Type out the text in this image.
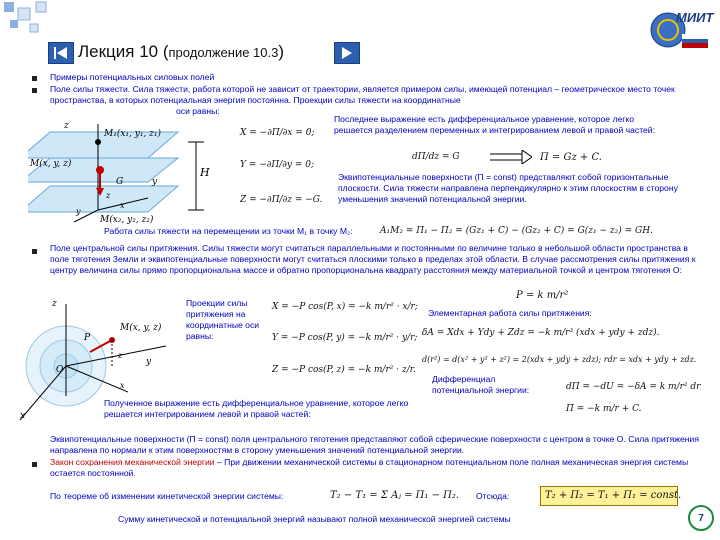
Лекция 10 (продолжение 10.3)
МИИТ
Примеры потенциальных силовых полей
Поле силы тяжести. Сила тяжести, работа которой не зависит от траектории, является примером силы, имеющей потенциал – геометрическое место точек пространства, в которых потенциальная энергия постоянна. Проекции силы тяжести на координатные
оси равны:
z
M₁(x₁, y₁, z₁)
M(x, y, z)
G
H
y
z
x
y
M(x₂, y₂, z₂)
X = −∂П/∂x = 0;
Y = −∂П/∂y = 0;
Z = −∂П/∂z = −G.
Последнее выражение есть дифференциальное уравнение, которое легко решается разделением переменных и интегрированием левой и правой частей:
dП/dz = G	П = Gz + C.
Эквипотенциальные поверхности (П = const) представляют собой горизонтальные плоскости. Сила тяжести направлена перпендикулярно к этим плоскостям в сторону уменьшения значений потенциальной энергии.
Работа силы тяжести на перемещении из точки M₁ в точку M₂:	A₁M₂ = П₁ − П₂ = (Gz₁ + C) − (Gz₂ + C) = G(z₁ − z₂) = GH.
Поле центральной силы притяжения. Силы тяжести могут считаться параллельными и постоянными по величине только в небольшой области пространства в поле тяготения Земли и эквипотенциальные поверхности могут считаться плоскими только в пределах этой области. В случае рассмотрения силы притяжения к центру величина силы прямо пропорциональна массе и обратно пропорциональна квадрату расстояния между материальной точкой и центром тяготения О:
P = k m/r²
z
M(x, y, z)
P
O
y
z
x
x
Проекции силы притяжения на координатные оси равны:
X = −P cos(P, x) = −k m/r² · x/r;
Y = −P cos(P, y) = −k m/r² · y/r;
Z = −P cos(P, z) = −k m/r² · z/r.
Элементарная работа силы притяжения:
δA = Xdx + Ydy + Zdz = −k m/r³ (xdx + ydy + zdz).
d(r²) = d(x² + y² + z²) = 2(xdx + ydy + zdz); rdr = xdx + ydy + zdz.
Дифференциал потенциальной энергии:	dП = −dU = −δA = k m/r² dr
Полученное выражение есть дифференциальное уравнение, которое легко решается интегрированием левой и правой частей:	П = −k m/r + C.
Эквипотенциальные поверхности (П = const) поля центрального тяготения представляют собой сферические поверхности с центром в точке О. Сила притяжения направлена по нормали к этим поверхностям в сторону уменьшения значений потенциальной энергии.
Закон сохранения механической энергии – При движении механической системы в стационарном потенциальном поле полная механическая энергия системы остается постоянной.
По теореме об изменении кинетической энергии системы:	T₂ − T₁ = Σ Aⱼ = П₁ − П₂. Отсюда:	T₂ + П₂ = T₁ + П₁ = const.
Сумму кинетической и потенциальной энергий называют полной механической энергией системы	7
